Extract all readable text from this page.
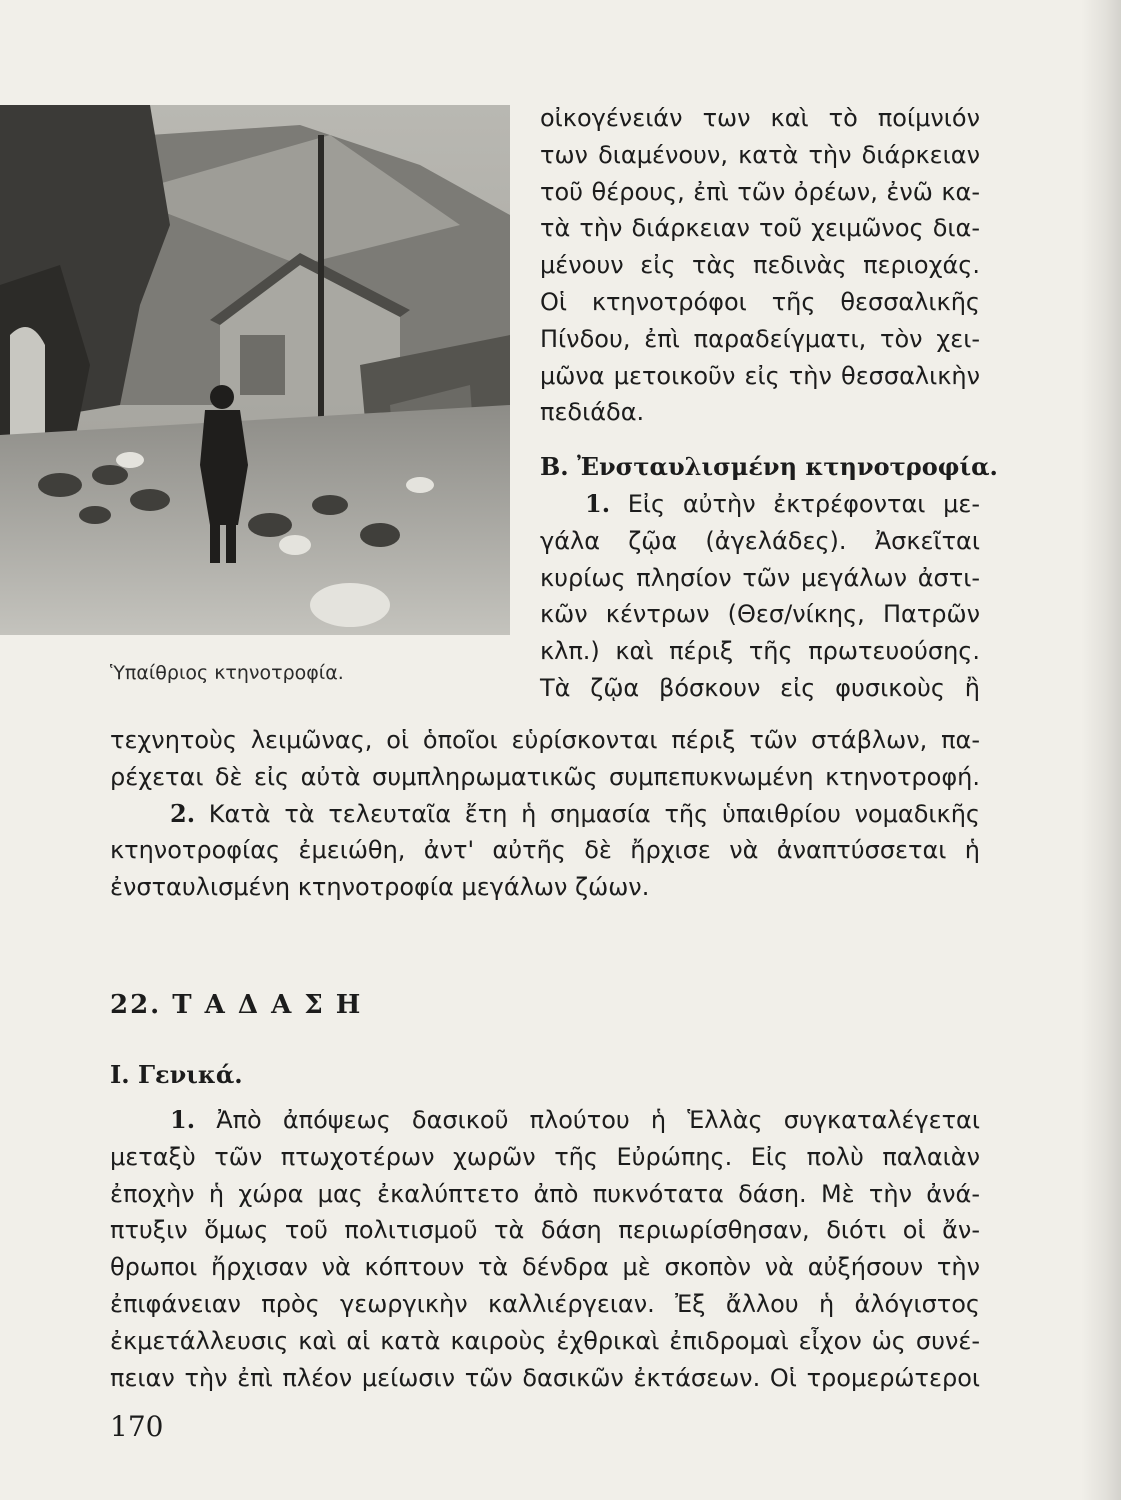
Ὑπαίθριος κτηνοτροφία.
οἰκογένειάν των καὶ τὸ ποίμνιόν
των διαμένουν, κατὰ τὴν διάρκειαν
τοῦ θέρους, ἐπὶ τῶν ὀρέων, ἐνῶ κα-
τὰ τὴν διάρκειαν τοῦ χειμῶνος δια-
μένουν εἰς τὰς πεδινὰς περιοχάς.
Οἱ κτηνοτρόφοι τῆς θεσσαλικῆς
Πίνδου, ἐπὶ παραδείγματι, τὸν χει-
μῶνα μετοικοῦν εἰς τὴν θεσσαλικὴν
πεδιάδα.
Β. Ἐνσταυλισμένη κτηνοτροφία.
1. Εἰς αὐτὴν ἐκτρέφονται με-
γάλα ζῷα (ἀγελάδες). Ἀσκεῖται
κυρίως πλησίον τῶν μεγάλων ἀστι-
κῶν κέντρων (Θεσ/νίκης, Πατρῶν
κλπ.) καὶ πέριξ τῆς πρωτευούσης.
Τὰ ζῷα βόσκουν εἰς φυσικοὺς ἢ
τεχνητοὺς λειμῶνας, οἱ ὁποῖοι εὑρίσκονται πέριξ τῶν στάβλων, πα-
ρέχεται δὲ εἰς αὐτὰ συμπληρωματικῶς συμπεπυκνωμένη κτηνοτροφή.
2. Κατὰ τὰ τελευταῖα ἔτη ἡ σημασία τῆς ὑπαιθρίου νομαδικῆς
κτηνοτροφίας ἐμειώθη, ἀντ' αὐτῆς δὲ ἤρχισε νὰ ἀναπτύσσεται ἡ
ἐνσταυλισμένη κτηνοτροφία μεγάλων ζώων.
22. Τ Α Δ Α Σ Η
Ι. Γενικά.
1. Ἀπὸ ἀπόψεως δασικοῦ πλούτου ἡ Ἑλλὰς συγκαταλέγεται
μεταξὺ τῶν πτωχοτέρων χωρῶν τῆς Εὐρώπης. Εἰς πολὺ παλαιὰν
ἐποχὴν ἡ χώρα μας ἐκαλύπτετο ἀπὸ πυκνότατα δάση. Μὲ τὴν ἀνά-
πτυξιν ὅμως τοῦ πολιτισμοῦ τὰ δάση περιωρίσθησαν, διότι οἱ ἄν-
θρωποι ἤρχισαν νὰ κόπτουν τὰ δένδρα μὲ σκοπὸν νὰ αὐξήσουν τὴν
ἐπιφάνειαν πρὸς γεωργικὴν καλλιέργειαν. Ἐξ ἄλλου ἡ ἀλόγιστος
ἐκμετάλλευσις καὶ αἱ κατὰ καιροὺς ἐχθρικαὶ ἐπιδρομαὶ εἶχον ὡς συνέ-
πειαν τὴν ἐπὶ πλέον μείωσιν τῶν δασικῶν ἐκτάσεων. Οἱ τρομερώτεροι
170
